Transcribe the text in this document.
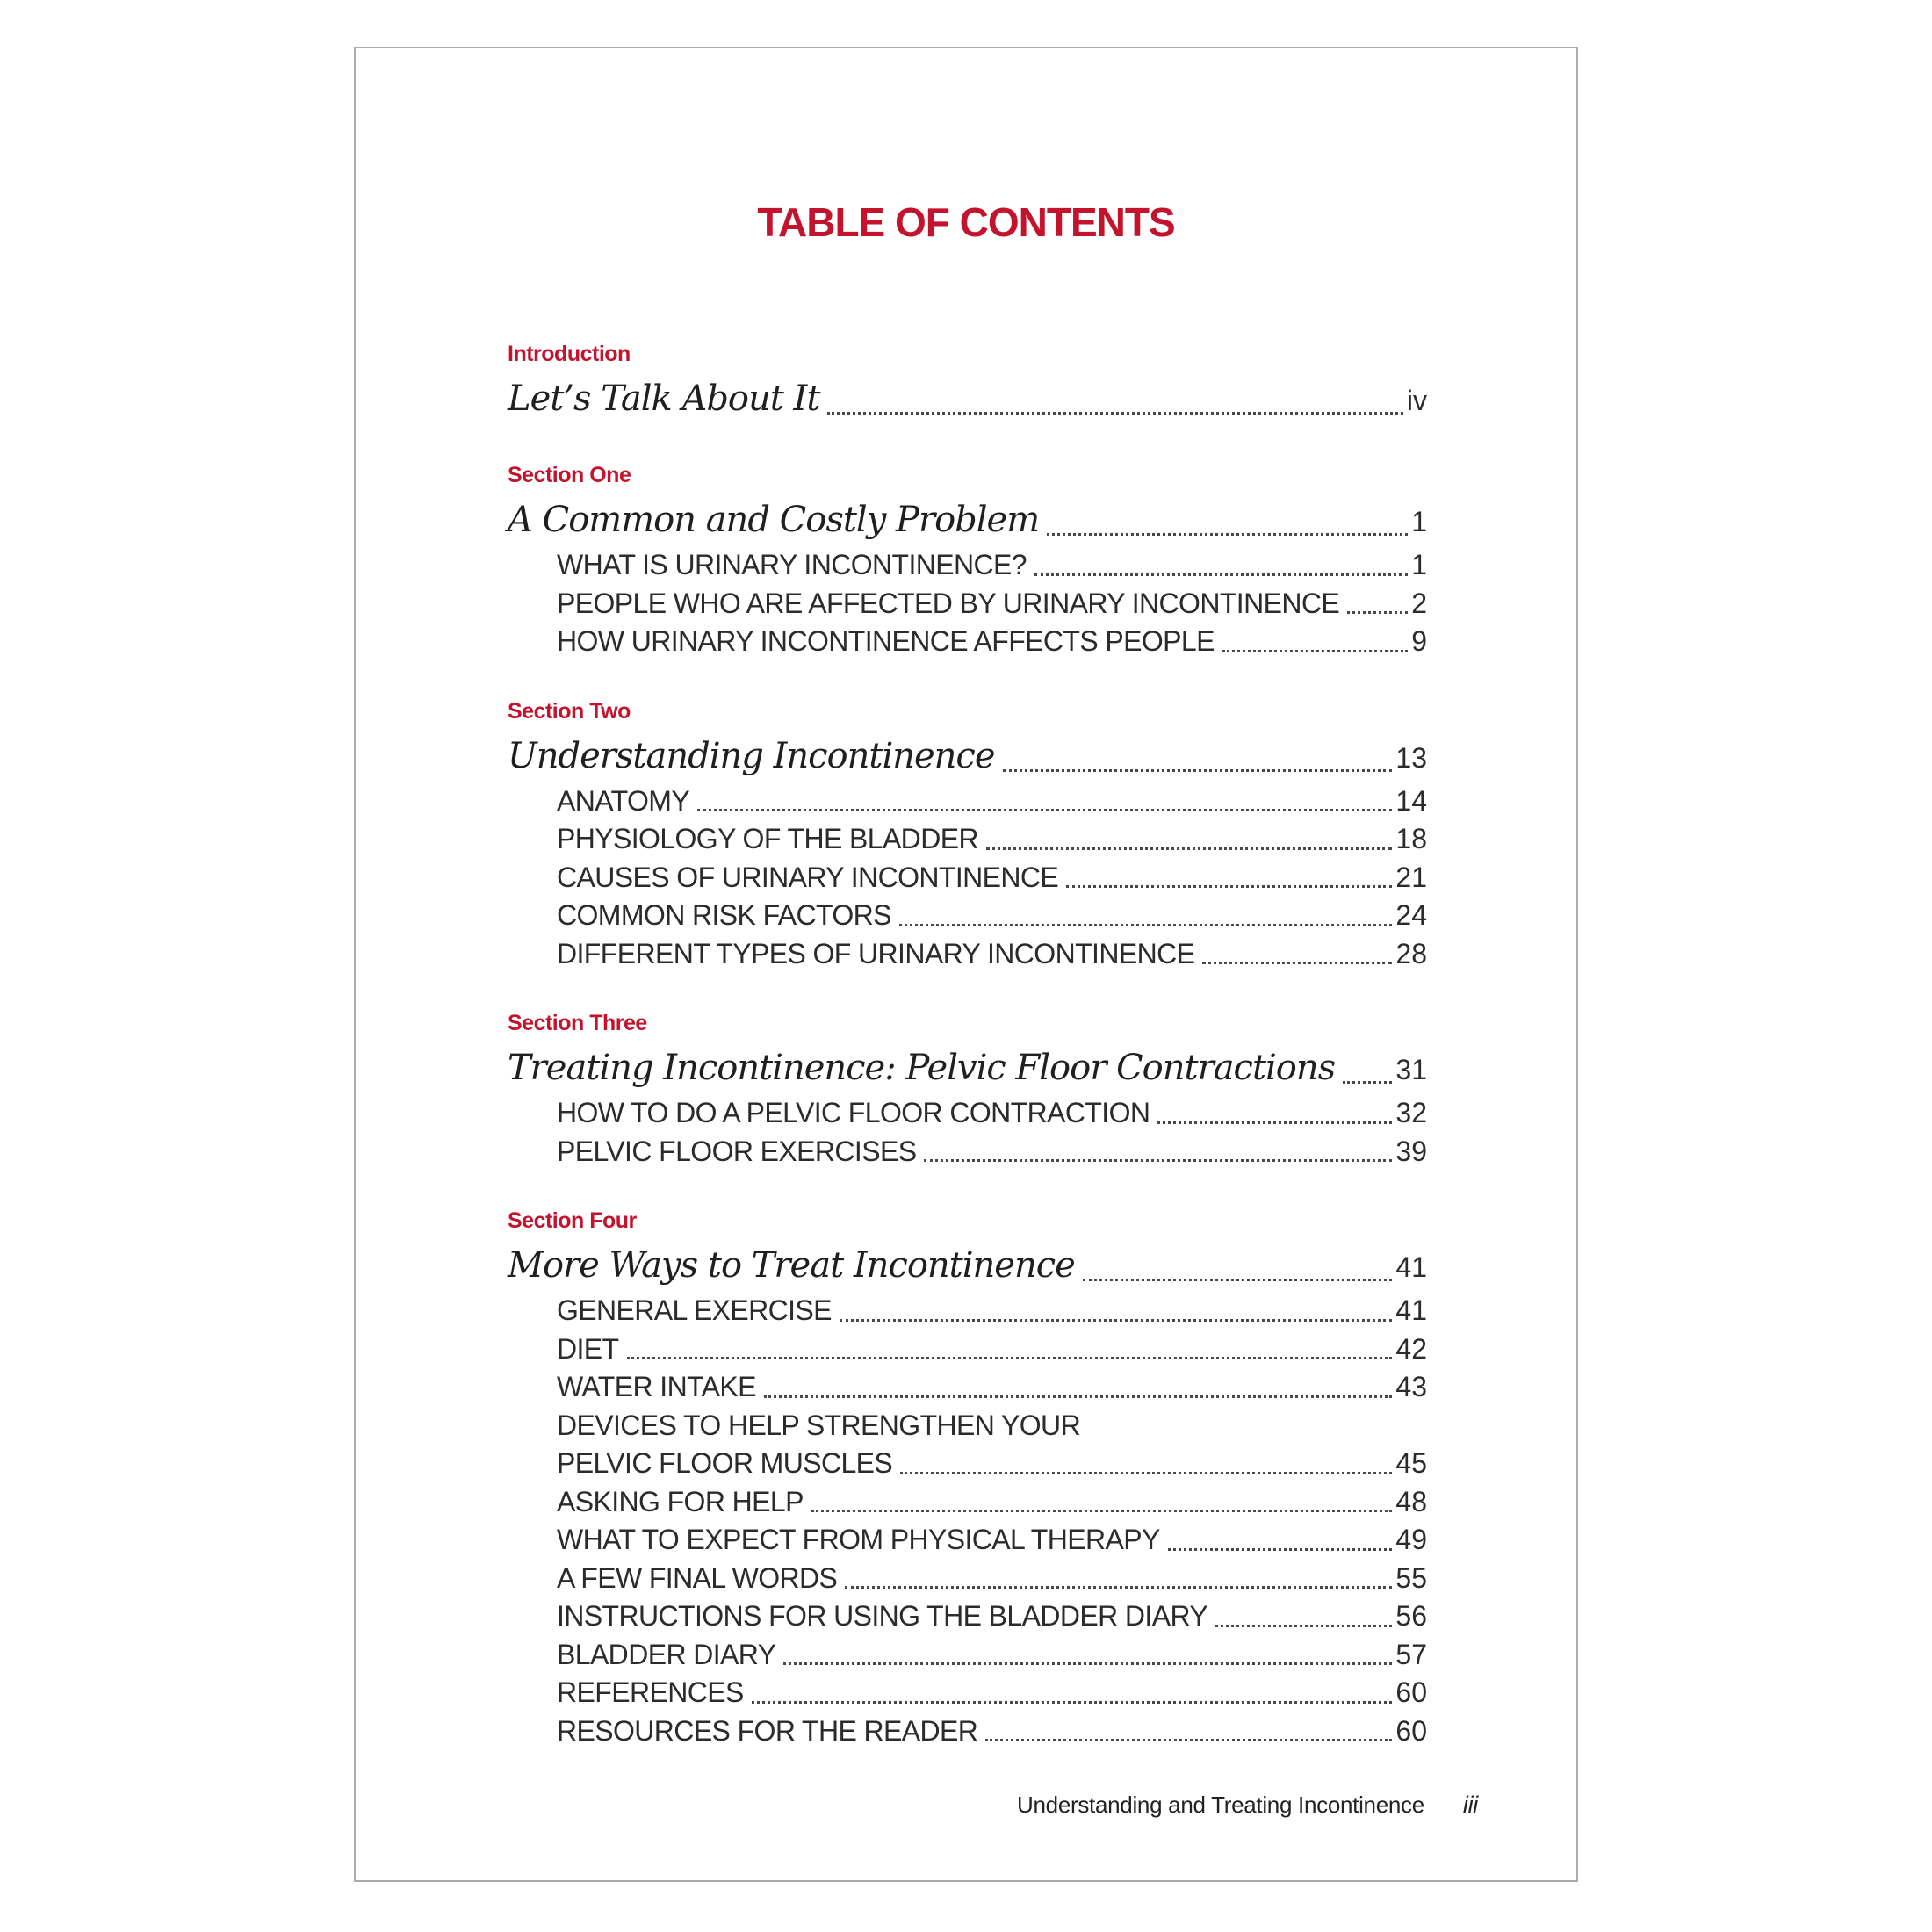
TABLE OF CONTENTS
Introduction
Let’s Talk About It	iv
Section One
A Common and Costly Problem	1
WHAT IS URINARY INCONTINENCE?	1
PEOPLE WHO ARE AFFECTED BY URINARY INCONTINENCE	2
HOW URINARY INCONTINENCE AFFECTS PEOPLE	9
Section Two
Understanding Incontinence	13
ANATOMY	14
PHYSIOLOGY OF THE BLADDER	18
CAUSES OF URINARY INCONTINENCE	21
COMMON RISK FACTORS	24
DIFFERENT TYPES OF URINARY INCONTINENCE	28
Section Three
Treating Incontinence: Pelvic Floor Contractions 31
HOW TO DO A PELVIC FLOOR CONTRACTION	32
PELVIC FLOOR EXERCISES	39
Section Four
More Ways to Treat Incontinence	41
GENERAL EXERCISE	41
DIET	42
WATER INTAKE	43
DEVICES TO HELP STRENGTHEN YOUR
PELVIC FLOOR MUSCLES	45
ASKING FOR HELP	48
WHAT TO EXPECT FROM PHYSICAL THERAPY	49
A FEW FINAL WORDS	55
INSTRUCTIONS FOR USING THE BLADDER DIARY	56
BLADDER DIARY	57
REFERENCES	60
RESOURCES FOR THE READER	60
Understanding and Treating Incontinence iii
